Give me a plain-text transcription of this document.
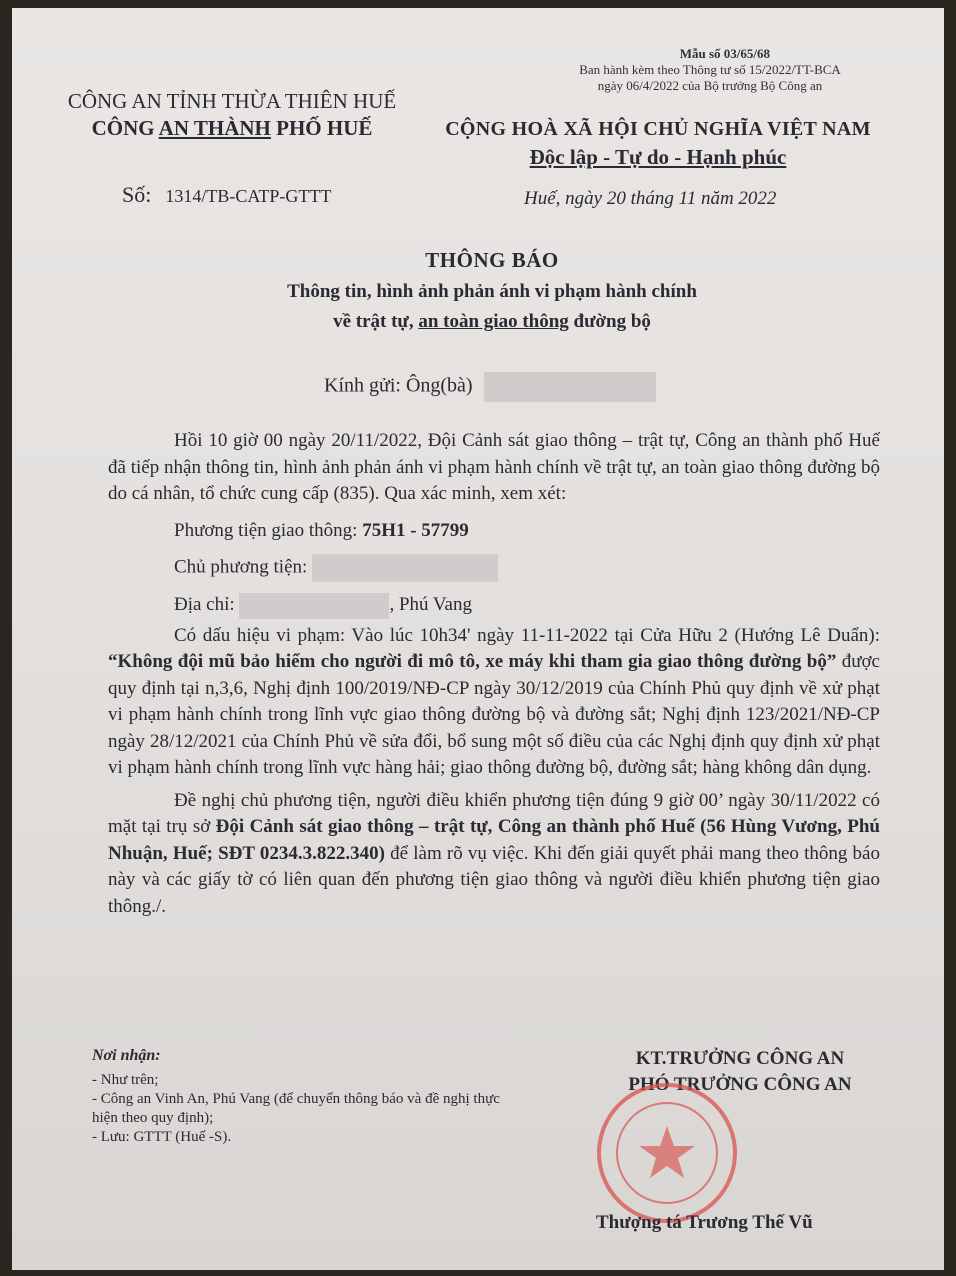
Mẫu số 03/65/68
Ban hành kèm theo Thông tư số 15/2022/TT-BCA
ngày 06/4/2022 của Bộ trưởng Bộ Công an
CÔNG AN TỈNH THỪA THIÊN HUẾ
CÔNG AN THÀNH PHỐ HUẾ	CỘNG HOÀ XÃ HỘI CHỦ NGHĨA VIỆT NAM
Độc lập - Tự do - Hạnh phúc
Số: 1314/TB-CATP-GTTT	Huế, ngày 20 tháng 11 năm 2022
THÔNG BÁO
Thông tin, hình ảnh phản ánh vi phạm hành chính
về trật tự, an toàn giao thông đường bộ
Kính gửi: Ông(bà)

Hồi 10 giờ 00 ngày 20/11/2022, Đội Cảnh sát giao thông – trật tự, Công an thành phố Huế đã tiếp nhận thông tin, hình ảnh phản ánh vi phạm hành chính về trật tự, an toàn giao thông đường bộ do cá nhân, tổ chức cung cấp (835). Qua xác minh, xem xét:

Phương tiện giao thông: 75H1 - 57799

Chủ phương tiện:

Địa chỉ:	, Phú Vang

Có dấu hiệu vi phạm: Vào lúc 10h34' ngày 11-11-2022 tại Cửa Hữu 2 (Hướng Lê Duẩn): “Không đội mũ bảo hiểm cho người đi mô tô, xe máy khi tham gia giao thông đường bộ” được quy định tại n,3,6, Nghị định 100/2019/NĐ-CP ngày 30/12/2019 của Chính Phủ quy định về xử phạt vi phạm hành chính trong lĩnh vực giao thông đường bộ và đường sắt; Nghị định 123/2021/NĐ-CP ngày 28/12/2021 của Chính Phủ về sửa đổi, bổ sung một số điều của các Nghị định quy định xử phạt vi phạm hành chính trong lĩnh vực hàng hải; giao thông đường bộ, đường sắt; hàng không dân dụng.

Đề nghị chủ phương tiện, người điều khiển phương tiện đúng 9 giờ 00’ ngày 30/11/2022 có mặt tại trụ sở Đội Cảnh sát giao thông – trật tự, Công an thành phố Huế (56 Hùng Vương, Phú Nhuận, Huế; SĐT 0234.3.822.340) để làm rõ vụ việc. Khi đến giải quyết phải mang theo thông báo này và các giấy tờ có liên quan đến phương tiện giao thông và người điều khiển phương tiện giao thông./.

Nơi nhận:
- Như trên;
- Công an Vinh An, Phú Vang (để chuyển thông báo và đề nghị thực hiện theo quy định);
- Lưu: GTTT (Huế -S).
KT.TRƯỞNG CÔNG AN
PHÓ TRƯỞNG CÔNG AN
Thượng tá Trương Thế Vũ
